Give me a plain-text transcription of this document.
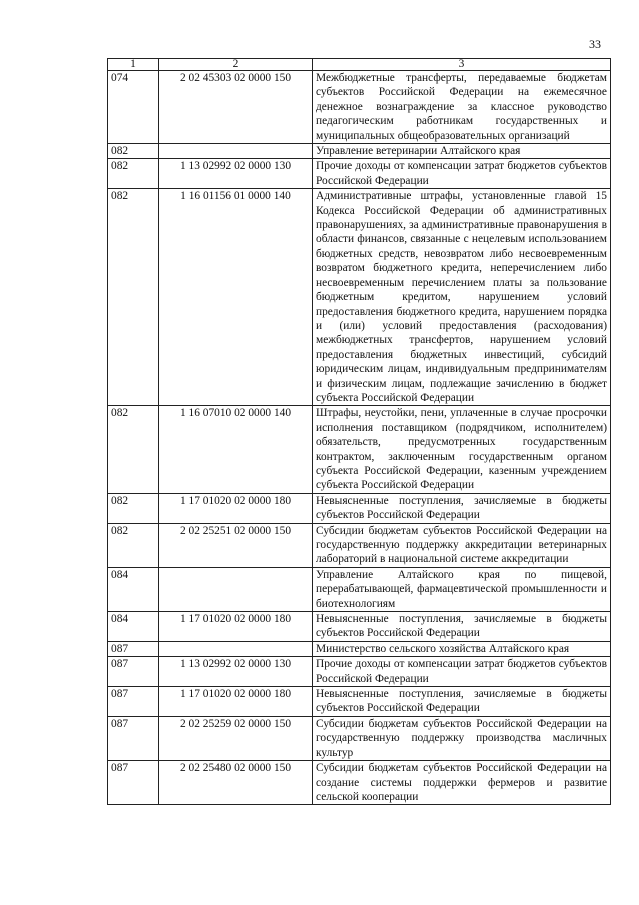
33
1	2	3
074	2 02 45303 02 0000 150	Межбюджетные трансферты, передаваемые бюджетам субъектов Российской Федерации на ежемесячное денежное вознаграждение за классное руководство педагогическим работникам государственных и муниципальных общеобразовательных организаций
082		Управление ветеринарии Алтайского края
082	1 13 02992 02 0000 130	Прочие доходы от компенсации затрат бюджетов субъектов Российской Федерации
082	1 16 01156 01 0000 140	Административные штрафы, установленные главой 15 Кодекса Российской Федерации об административных правонарушениях, за административные правонарушения в области финансов, связанные с нецелевым использованием бюджетных средств, невозвратом либо несвоевременным возвратом бюджетного кредита, неперечислением либо несвоевременным перечислением платы за пользование бюджетным кредитом, нарушением условий предоставления бюджетного кредита, нарушением порядка и (или) условий предоставления (расходования) межбюджетных трансфертов, нарушением условий предоставления бюджетных инвестиций, субсидий юридическим лицам, индивидуальным предпринимателям и физическим лицам, подлежащие зачислению в бюджет субъекта Российской Федерации
082	1 16 07010 02 0000 140	Штрафы, неустойки, пени, уплаченные в случае просрочки исполнения поставщиком (подрядчиком, исполнителем) обязательств, предусмотренных государственным контрактом, заключенным государственным органом субъекта Российской Федерации, казенным учреждением субъекта Российской Федерации
082	1 17 01020 02 0000 180	Невыясненные поступления, зачисляемые в бюджеты субъектов Российской Федерации
082	2 02 25251 02 0000 150	Субсидии бюджетам субъектов Российской Федерации на государственную поддержку аккредитации ветеринарных лабораторий в национальной системе аккредитации
084		Управление Алтайского края по пищевой, перерабатывающей, фармацевтической промышленности и биотехнологиям
084	1 17 01020 02 0000 180	Невыясненные поступления, зачисляемые в бюджеты субъектов Российской Федерации
087		Министерство сельского хозяйства Алтайского края
087	1 13 02992 02 0000 130	Прочие доходы от компенсации затрат бюджетов субъектов Российской Федерации
087	1 17 01020 02 0000 180	Невыясненные поступления, зачисляемые в бюджеты субъектов Российской Федерации
087	2 02 25259 02 0000 150	Субсидии бюджетам субъектов Российской Федерации на государственную поддержку производства масличных культур
087	2 02 25480 02 0000 150	Субсидии бюджетам субъектов Российской Федерации на создание системы поддержки фермеров и развитие сельской кооперации
